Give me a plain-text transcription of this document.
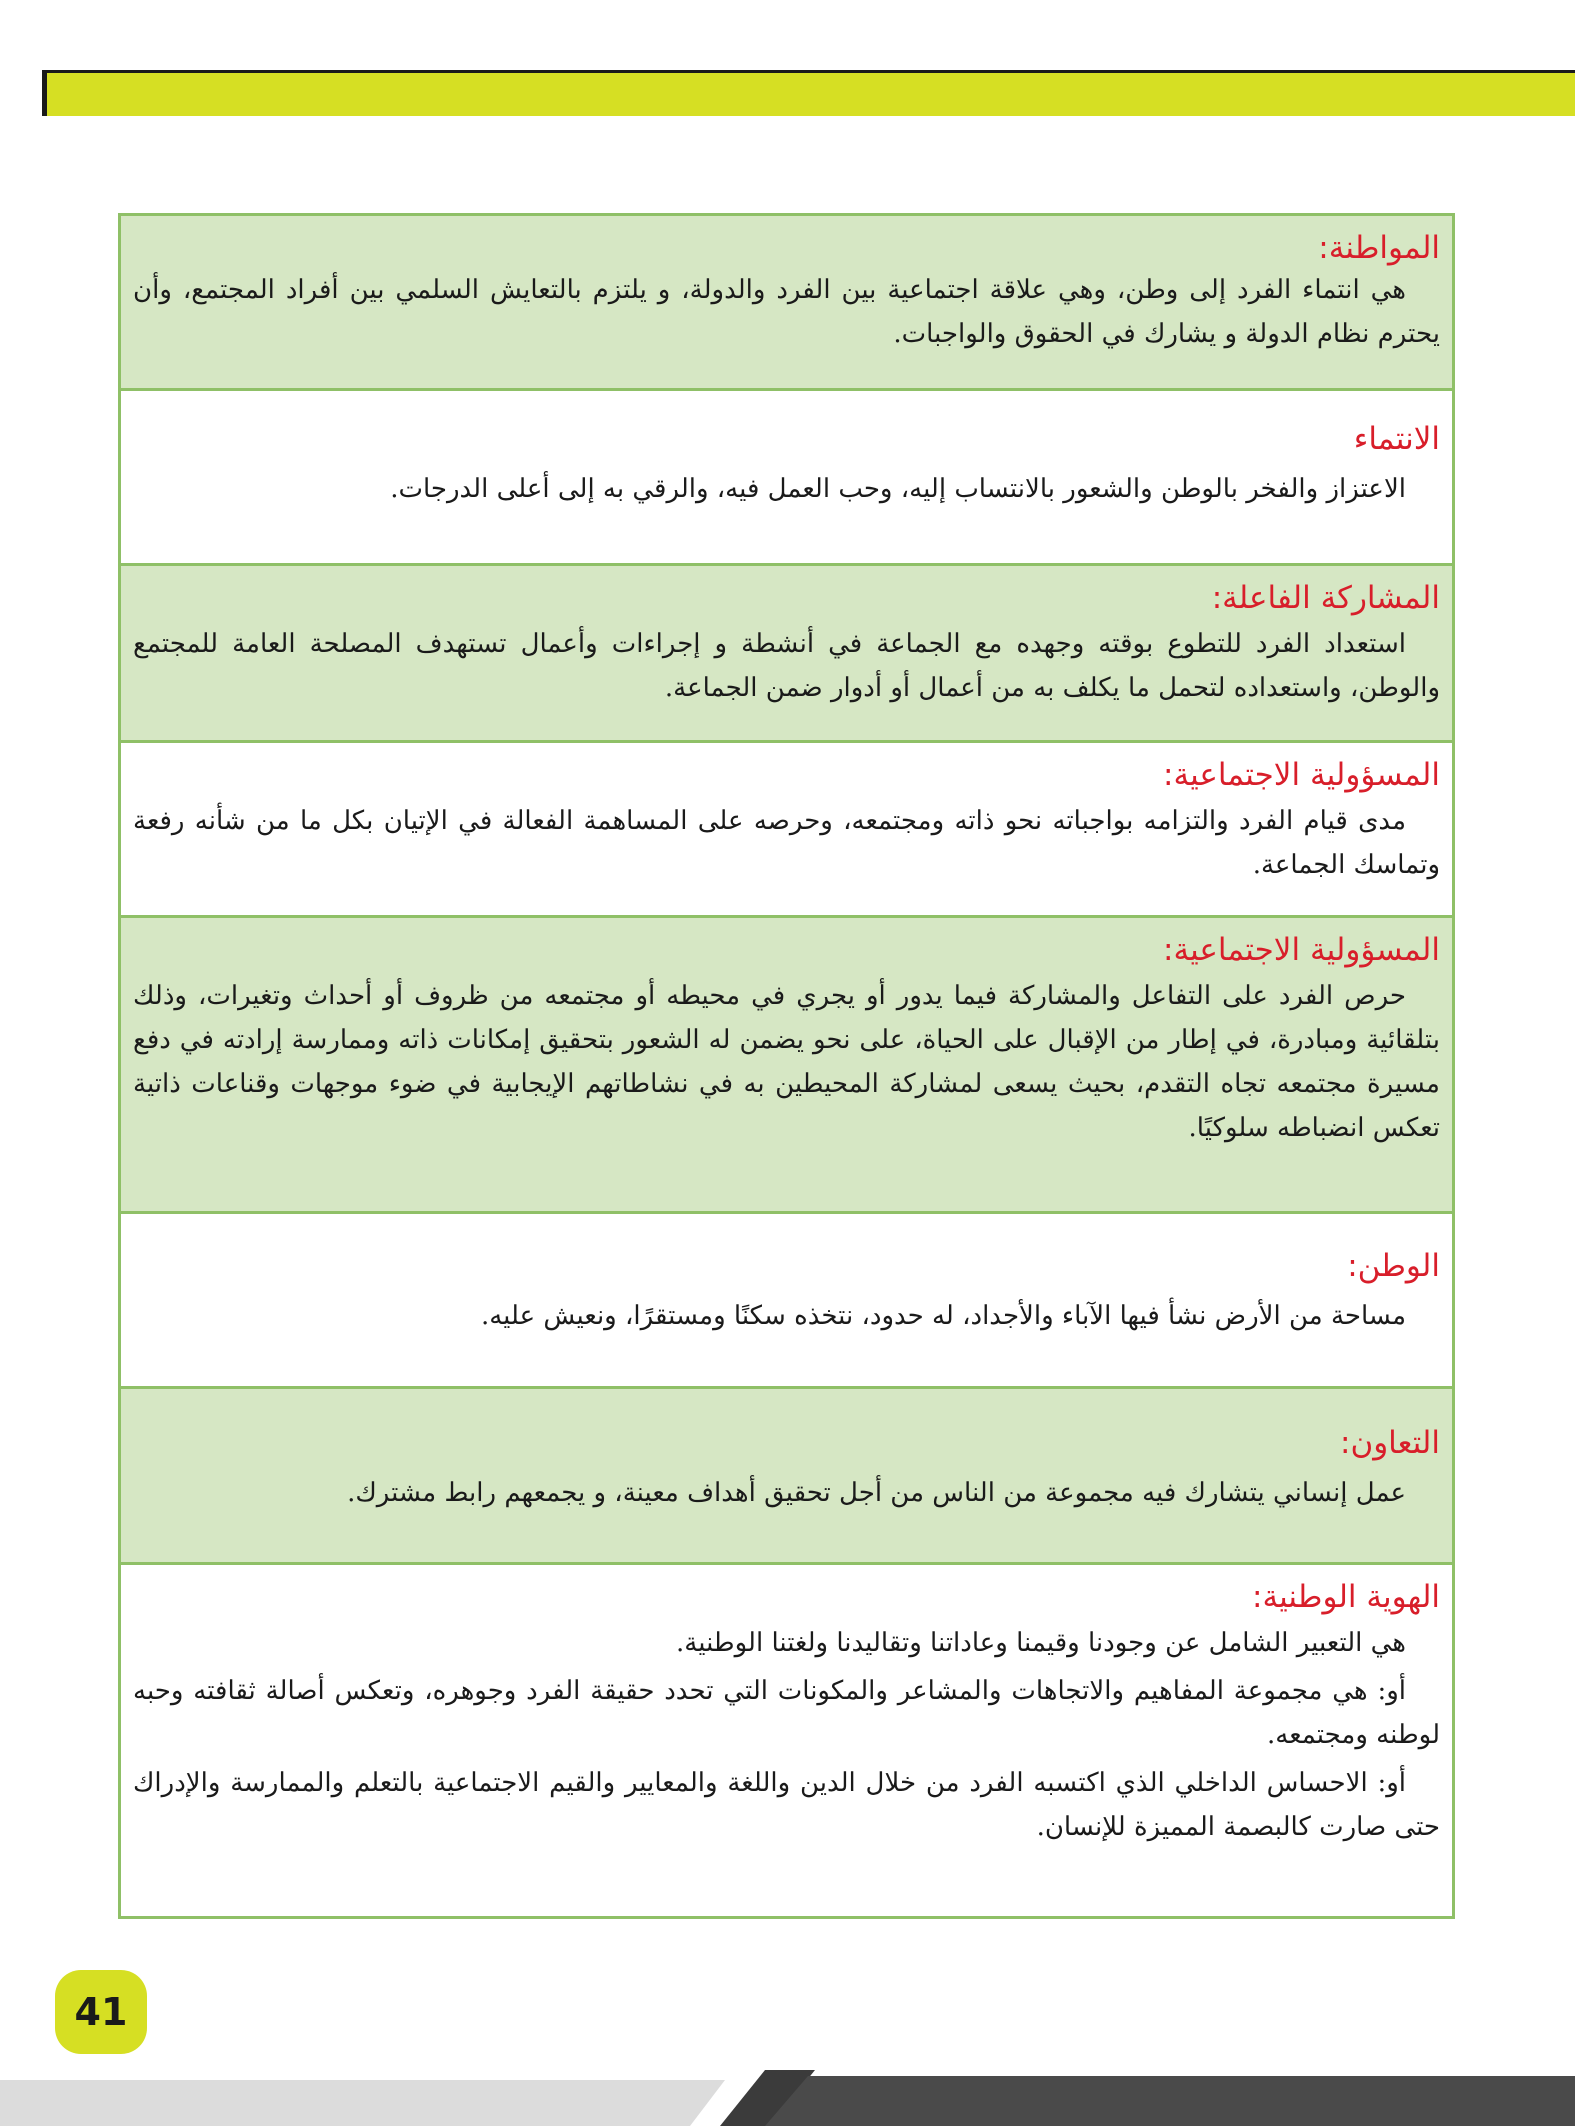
المواطنة:

هي انتماء الفرد إلى وطن، وهي علاقة اجتماعية بين الفرد والدولة، و يلتزم بالتعايش السلمي بين أفراد المجتمع، وأن يحترم نظام الدولة و يشارك في الحقوق والواجبات.

الانتماء

الاعتزاز والفخر بالوطن والشعور بالانتساب إليه، وحب العمل فيه، والرقي به إلى أعلى الدرجات.

المشاركة الفاعلة:

استعداد الفرد للتطوع بوقته وجهده مع الجماعة في أنشطة و إجراءات وأعمال تستهدف المصلحة العامة للمجتمع والوطن، واستعداده لتحمل ما يكلف به من أعمال أو أدوار ضمن الجماعة.

المسؤولية الاجتماعية:

مدى قيام الفرد والتزامه بواجباته نحو ذاته ومجتمعه، وحرصه على المساهمة الفعالة في الإتيان بكل ما من شأنه رفعة وتماسك الجماعة.

المسؤولية الاجتماعية:

حرص الفرد على التفاعل والمشاركة فيما يدور أو يجري في محيطه أو مجتمعه من ظروف أو أحداث وتغيرات، وذلك بتلقائية ومبادرة، في إطار من الإقبال على الحياة، على نحو يضمن له الشعور بتحقيق إمكانات ذاته وممارسة إرادته في دفع مسيرة مجتمعه تجاه التقدم، بحيث يسعى لمشاركة المحيطين به في نشاطاتهم الإيجابية في ضوء موجهات وقناعات ذاتية تعكس انضباطه سلوكيًا.

الوطن:

مساحة من الأرض نشأ فيها الآباء والأجداد، له حدود، نتخذه سكنًا ومستقرًا، ونعيش عليه.

التعاون:

عمل إنساني يتشارك فيه مجموعة من الناس من أجل تحقيق أهداف معينة، و يجمعهم رابط مشترك.

الهوية الوطنية:

هي التعبير الشامل عن وجودنا وقيمنا وعاداتنا وتقاليدنا ولغتنا الوطنية.

أو: هي مجموعة المفاهيم والاتجاهات والمشاعر والمكونات التي تحدد حقيقة الفرد وجوهره، وتعكس أصالة ثقافته وحبه لوطنه ومجتمعه.

أو: الاحساس الداخلي الذي اكتسبه الفرد من خلال الدين واللغة والمعايير والقيم الاجتماعية بالتعلم والممارسة والإدراك حتى صارت كالبصمة المميزة للإنسان.

41
